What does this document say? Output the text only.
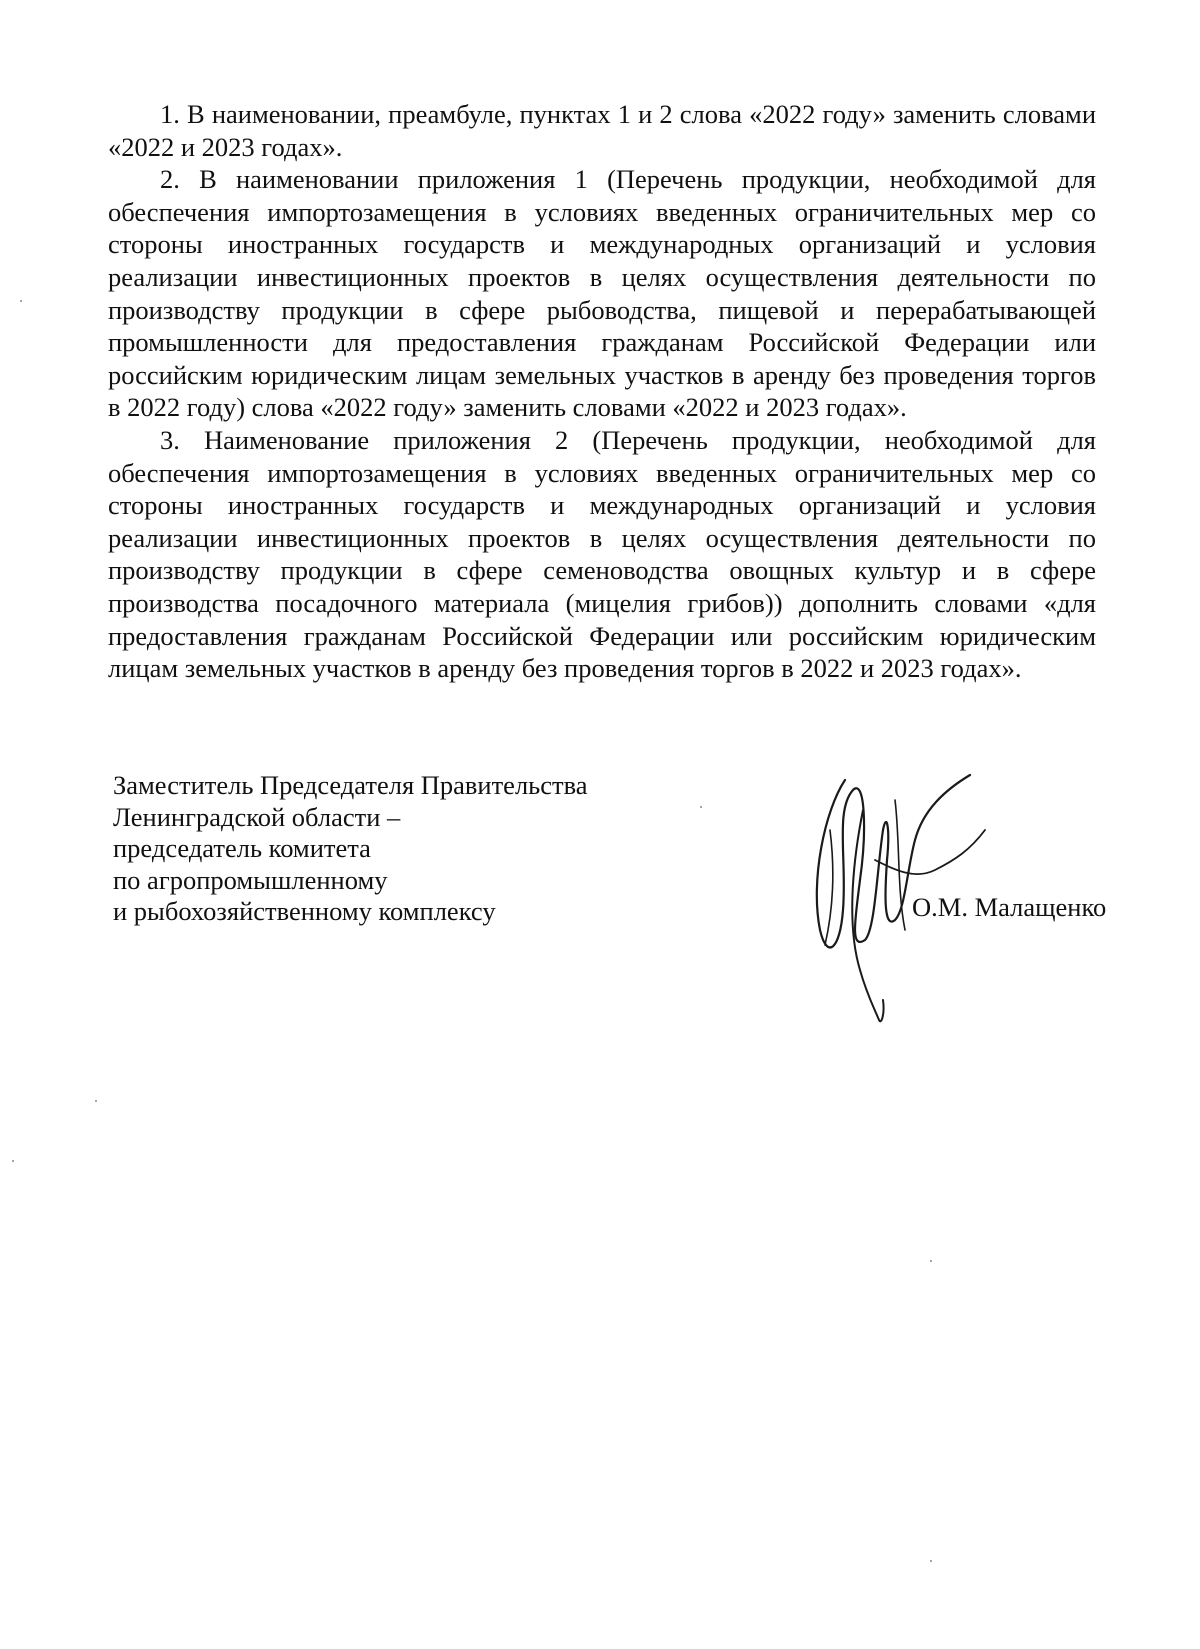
1. В наименовании, преамбуле, пунктах 1 и 2 слова «2022 году» заменить словами «2022 и 2023 годах».

2. В наименовании приложения 1 (Перечень продукции, необходимой для обеспечения импортозамещения в условиях введенных ограничительных мер со стороны иностранных государств и международных организаций и условия реализации инвестиционных проектов в целях осуществления деятельности по производству продукции в сфере рыбоводства, пищевой и перерабатывающей промышленности для предоставления гражданам Российской Федерации или российским юридическим лицам земельных участков в аренду без проведения торгов в 2022 году) слова «2022 году» заменить словами «2022 и 2023 годах».

3. Наименование приложения 2 (Перечень продукции, необходимой для обеспечения импортозамещения в условиях введенных ограничительных мер со стороны иностранных государств и международных организаций и условия реализации инвестиционных проектов в целях осуществления деятельности по производству продукции в сфере семеноводства овощных культур и в сфере производства посадочного материала (мицелия грибов)) дополнить словами «для предоставления гражданам Российской Федерации или российским юридическим лицам земельных участков в аренду без проведения торгов в 2022 и 2023 годах».

Заместитель Председателя Правительства
Ленинградской области –
председатель комитета
по агропромышленному
и рыбохозяйственному комплексу	О.М. Малащенко
